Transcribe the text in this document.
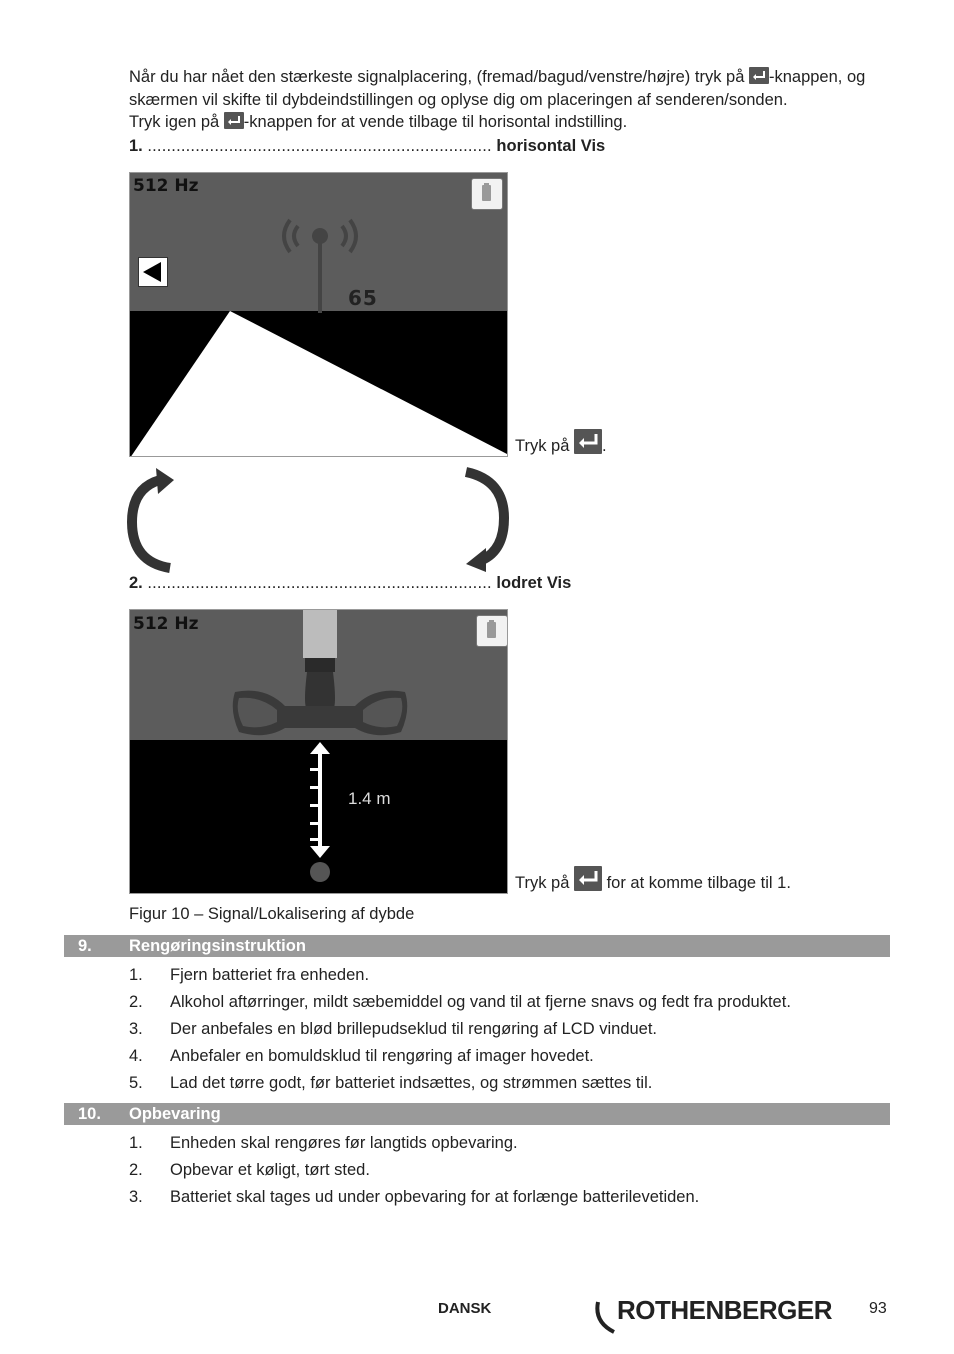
Når du har nået den stærkeste signalplacering, (fremad/bagud/venstre/højre) tryk på -knappen, og skærmen vil skifte til dybdeindstillingen og oplyse dig om placeringen af senderen/sonden.
Tryk igen på -knappen for at vende tilbage til horisontal indstilling.
1. ........................................................................ horisontal Vis
512 Hz
65
Tryk på .
2. ........................................................................ lodret Vis
512 Hz
1.4 m
Tryk på for at komme tilbage til 1.
Figur 10 – Signal/Lokalisering af dybde
9. Rengøringsinstruktion
1. Fjern batteriet fra enheden.
2. Alkohol aftørringer, mildt sæbemiddel og vand til at fjerne snavs og fedt fra produktet.
3. Der anbefales en blød brillepudseklud til rengøring af LCD vinduet.
4. Anbefaler en bomuldsklud til rengøring af imager hovedet.
5. Lad det tørre godt, før batteriet indsættes, og strømmen sættes til.
10. Opbevaring
1. Enheden skal rengøres før langtids opbevaring.
2. Opbevar et køligt, tørt sted.
3. Batteriet skal tages ud under opbevaring for at forlænge batterilevetiden.
DANSK	ROTHENBERGER 93
